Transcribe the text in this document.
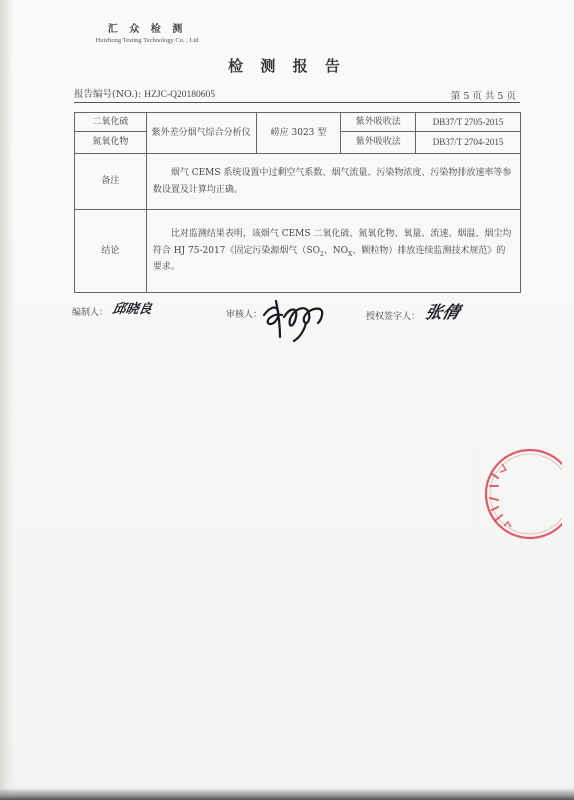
汇 众 检 测
Huizhong Testing Technology Co. , Ltd
检 测 报 告
报告编号(NO.): HZJC-Q20180605	第 5 页 共 5 页
二氧化硫	紫外差分烟气综合分析仪	崂应 3023 型	紫外吸收法	DB37/T 2705-2015
氮氧化物			紫外吸收法	DB37/T 2704-2015
备注	烟气 CEMS 系统设置中过剩空气系数、烟气流量、污染物浓度、污染物排放速率等参数设置及计算均正确。			
结论	比对监测结果表明，该烟气 CEMS 二氧化硫、氮氧化物、氧量、流速、烟温、烟尘均符合 HJ 75-2017《固定污染源烟气（$SO_2$、$NO_X$、颗粒物）排放连续监测技术规范》的要求。			
编制人： 邱晓良	审核人：	授权签字人： 张倩
